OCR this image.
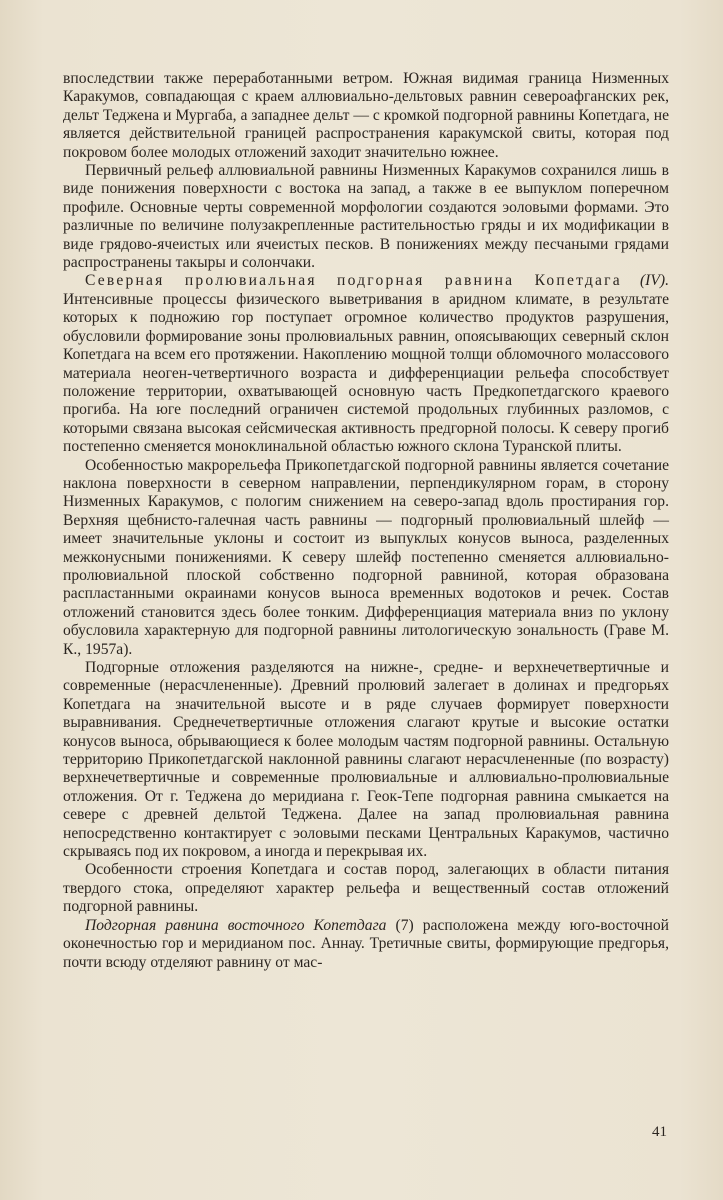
впоследствии также переработанными ветром. Южная видимая граница Низменных Каракумов, совпадающая с краем аллювиально-дельтовых равнин североафганских рек, дельт Теджена и Мургаба, а западнее дельт — с кромкой подгорной равнины Копетдага, не является действительной границей распространения каракумской свиты, которая под покровом более молодых отложений заходит значительно южнее.

Первичный рельеф аллювиальной равнины Низменных Каракумов сохранился лишь в виде понижения поверхности с востока на запад, а также в ее выпуклом поперечном профиле. Основные черты современной морфологии создаются эоловыми формами. Это различные по величине полузакрепленные растительностью гряды и их модификации в виде грядово-ячеистых или ячеистых песков. В понижениях между песчаными грядами распространены такыры и солончаки.

Северная пролювиальная подгорная равнина Копетдага (IV). Интенсивные процессы физического выветривания в аридном климате, в результате которых к подножию гор поступает огромное количество продуктов разрушения, обусловили формирование зоны пролювиальных равнин, опоясывающих северный склон Копетдага на всем его протяжении. Накоплению мощной толщи обломочного молассового материала неоген-четвертичного возраста и дифференциации рельефа способствует положение территории, охватывающей основную часть Предкопетдагского краевого прогиба. На юге последний ограничен системой продольных глубинных разломов, с которыми связана высокая сейсмическая активность предгорной полосы. К северу прогиб постепенно сменяется моноклинальной областью южного склона Туранской плиты.

Особенностью макрорельефа Прикопетдагской подгорной равнины является сочетание наклона поверхности в северном направлении, перпендикулярном горам, в сторону Низменных Каракумов, с пологим снижением на северо-запад вдоль простирания гор. Верхняя щебнисто-галечная часть равнины — подгорный пролювиальный шлейф — имеет значительные уклоны и состоит из выпуклых конусов выноса, разделенных межконусными понижениями. К северу шлейф постепенно сменяется аллювиально-пролювиальной плоской собственно подгорной равниной, которая образована распластанными окраинами конусов выноса временных водотоков и речек. Состав отложений становится здесь более тонким. Дифференциация материала вниз по уклону обусловила характерную для подгорной равнины литологическую зональность (Граве М. К., 1957а).

Подгорные отложения разделяются на нижне-, средне- и верхнечетвертичные и современные (нерасчлененные). Древний пролювий залегает в долинах и предгорьях Копетдага на значительной высоте и в ряде случаев формирует поверхности выравнивания. Среднечетвертичные отложения слагают крутые и высокие остатки конусов выноса, обрывающиеся к более молодым частям подгорной равнины. Остальную территорию Прикопетдагской наклонной равнины слагают нерасчлененные (по возрасту) верхнечетвертичные и современные пролювиальные и аллювиально-пролювиальные отложения. От г. Теджена до меридиана г. Геок-Тепе подгорная равнина смыкается на севере с древней дельтой Теджена. Далее на запад пролювиальная равнина непосредственно контактирует с эоловыми песками Центральных Каракумов, частично скрываясь под их покровом, а иногда и перекрывая их.

Особенности строения Копетдага и состав пород, залегающих в области питания твердого стока, определяют характер рельефа и вещественный состав отложений подгорной равнины.

Подгорная равнина восточного Копетдага (7) расположена между юго-восточной оконечностью гор и меридианом пос. Аннау. Третичные свиты, формирующие предгорья, почти всюду отделяют равнину от мас-

41
